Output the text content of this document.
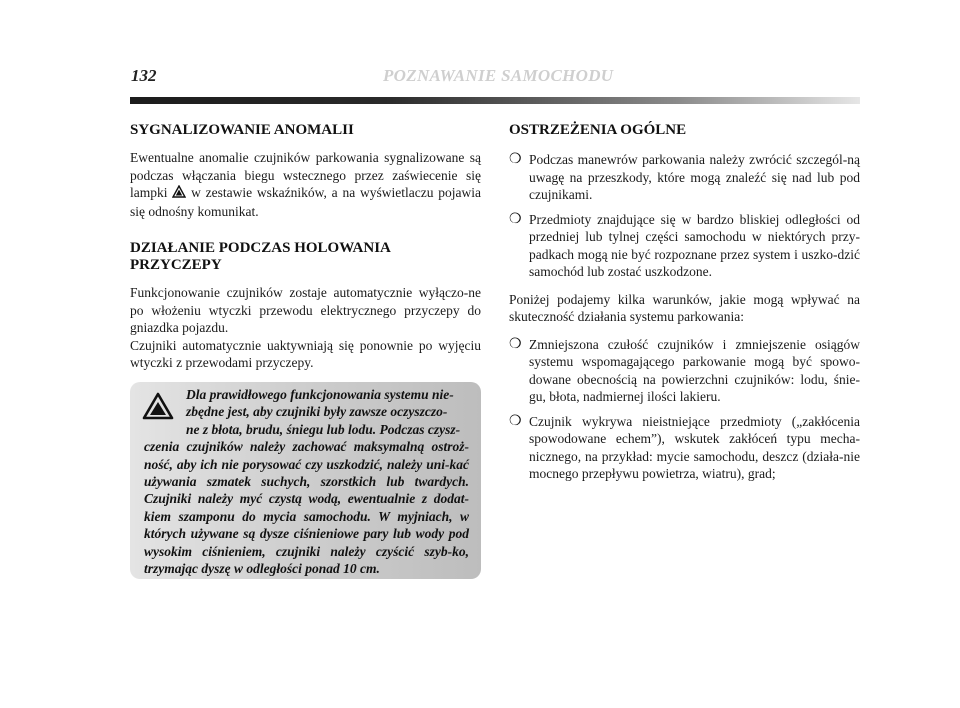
132	POZNAWANIE SAMOCHODU
SYGNALIZOWANIE ANOMALII

Ewentualne anomalie czujników parkowania sygnalizowane są podczas włączania biegu wstecznego przez zaświecenie się lampki w zestawie wskaźników, a na wyświetlaczu pojawia się odnośny komunikat.

DZIAŁANIE PODCZAS HOLOWANIA PRZYCZEPY

Funkcjonowanie czujników zostaje automatycznie wyłączo-ne po włożeniu wtyczki przewodu elektrycznego przyczepy do gniazdka pojazdu.
Czujniki automatycznie uaktywniają się ponownie po wyjęciu wtyczki z przewodami przyczepy.

Dla prawidłowego funkcjonowania systemu nie-
zbędne jest, aby czujniki były zawsze oczyszczo-
ne z błota, brudu, śniegu lub lodu. Podczas czysz-
czenia czujników należy zachować maksymalną ostroż-ność, aby ich nie porysować czy uszkodzić, należy uni-kać używania szmatek suchych, szorstkich lub twardych. Czujniki należy myć czystą wodą, ewentualnie z dodat-kiem szamponu do mycia samochodu. W myjniach, w których używane są dysze ciśnieniowe pary lub wody pod wysokim ciśnieniem, czujniki należy czyścić szyb-ko, trzymając dyszę w odległości ponad 10 cm.
OSTRZEŻENIA OGÓLNE
❍ Podczas manewrów parkowania należy zwrócić szczegól-ną uwagę na przeszkody, które mogą znaleźć się nad lub pod czujnikami.
❍ Przedmioty znajdujące się w bardzo bliskiej odległości od przedniej lub tylnej części samochodu w niektórych przy-padkach mogą nie być rozpoznane przez system i uszko-dzić samochód lub zostać uszkodzone.

Poniżej podajemy kilka warunków, jakie mogą wpływać na skuteczność działania systemu parkowania:

❍ Zmniejszona czułość czujników i zmniejszenie osiągów systemu wspomagającego parkowanie mogą być spowo-dowane obecnością na powierzchni czujników: lodu, śnie-gu, błota, nadmiernej ilości lakieru.
❍ Czujnik wykrywa nieistniejące przedmioty („zakłócenia spowodowane echem”), wskutek zakłóceń typu mecha-nicznego, na przykład: mycie samochodu, deszcz (działa-nie mocnego przepływu powietrza, wiatru), grad;
